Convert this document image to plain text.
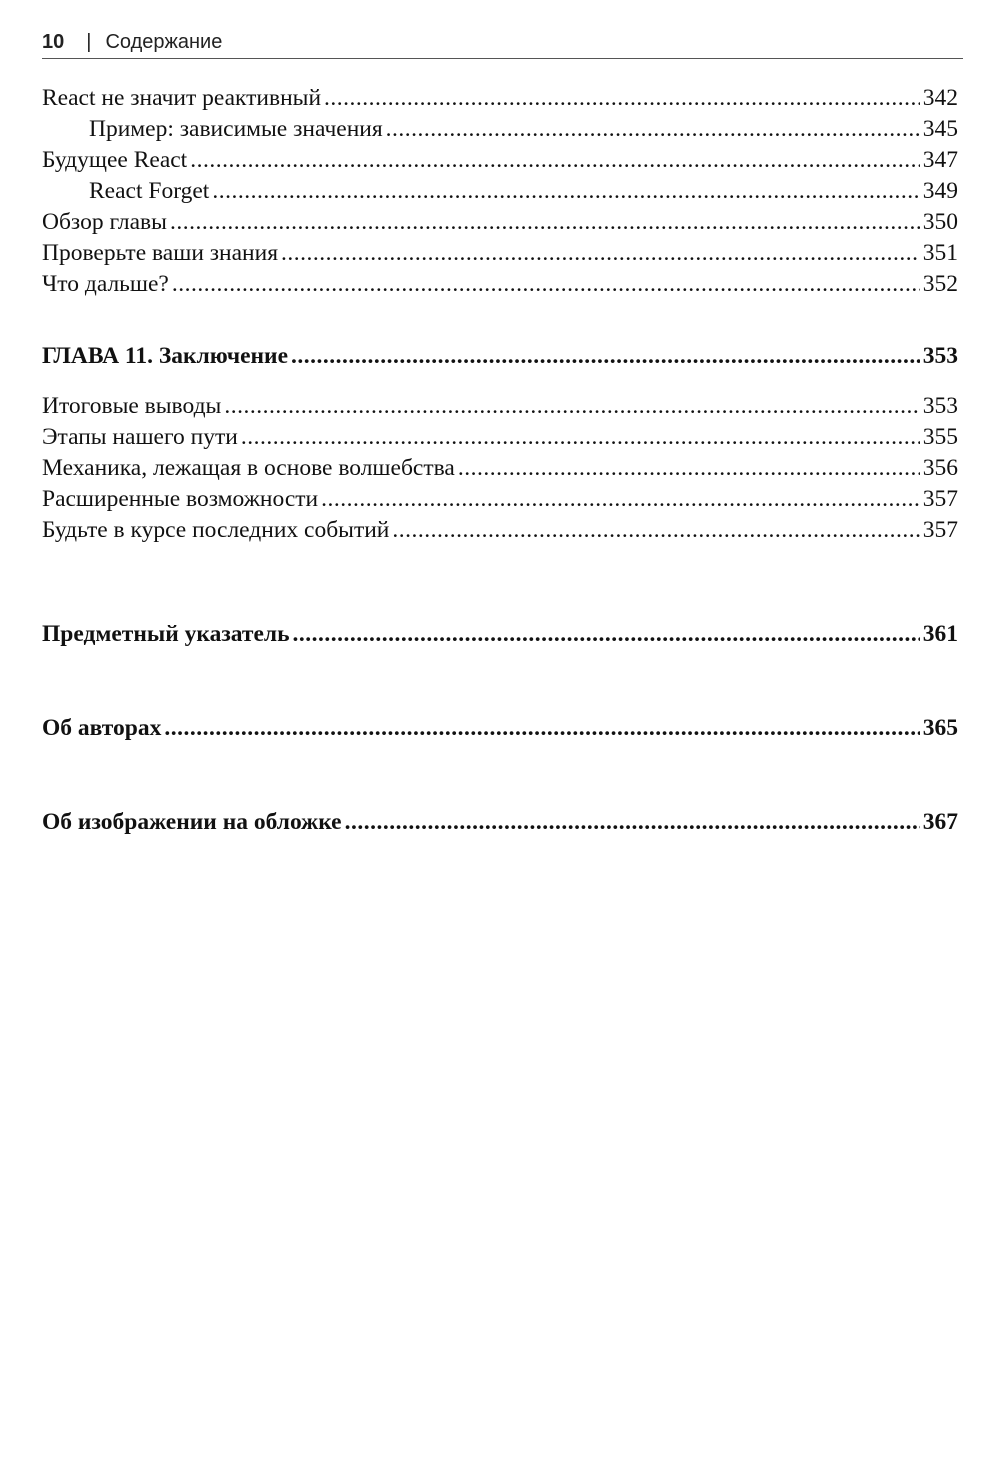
10 | Содержание
React не значит реактивный .....	342
Пример: зависимые значения .....	345
Будущее React .....	347
React Forget .....	349
Обзор главы .....	350
Проверьте ваши знания .....	351
Что дальше? .....	352
ГЛАВА 11. Заключение .....	353
Итоговые выводы .....	353
Этапы нашего пути .....	355
Механика, лежащая в основе волшебства .....	356
Расширенные возможности .....	357
Будьте в курсе последних событий .....	357
Предметный указатель .....	361
Об авторах .....	365
Об изображении на обложке .....	367
